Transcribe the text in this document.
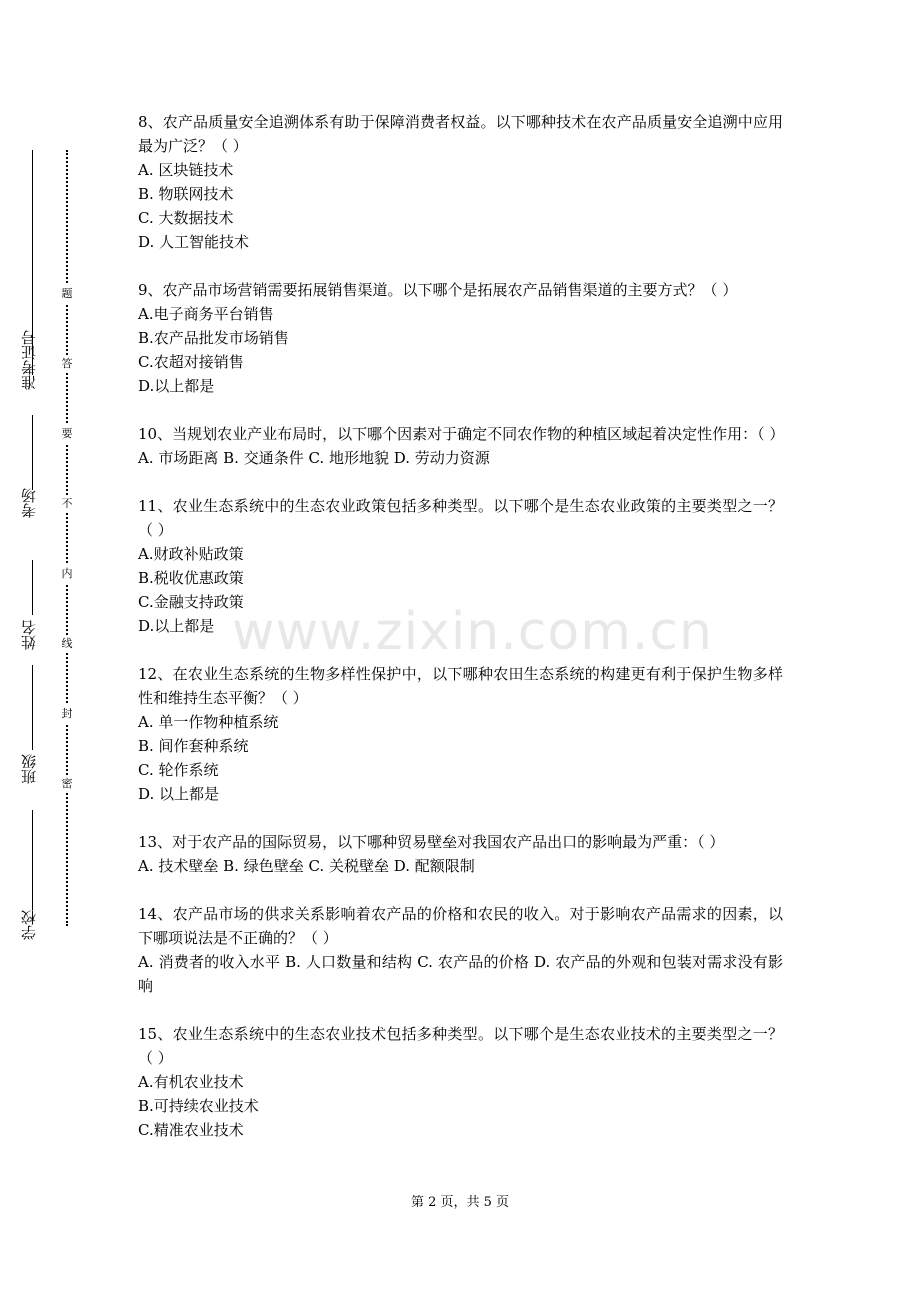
准考证号
考场
姓名
班级
学校
题
答
要
不
内
线
封
密

8、农产品质量安全追溯体系有助于保障消费者权益。以下哪种技术在农产品质量安全追溯中应用最为广泛？（ ）

A. 区块链技术

B. 物联网技术

C. 大数据技术

D. 人工智能技术

9、农产品市场营销需要拓展销售渠道。以下哪个是拓展农产品销售渠道的主要方式？（ ）

A.电子商务平台销售

B.农产品批发市场销售

C.农超对接销售

D.以上都是

10、当规划农业产业布局时，以下哪个因素对于确定不同农作物的种植区域起着决定性作用：（ ）

A. 市场距离 B. 交通条件 C. 地形地貌 D. 劳动力资源

11、农业生态系统中的生态农业政策包括多种类型。以下哪个是生态农业政策的主要类型之一？（ ）

A.财政补贴政策

B.税收优惠政策

C.金融支持政策

D.以上都是

12、在农业生态系统的生物多样性保护中，以下哪种农田生态系统的构建更有利于保护生物多样性和维持生态平衡？（ ）

A. 单一作物种植系统

B. 间作套种系统

C. 轮作系统

D. 以上都是

13、对于农产品的国际贸易，以下哪种贸易壁垒对我国农产品出口的影响最为严重：（ ）

A. 技术壁垒 B. 绿色壁垒 C. 关税壁垒 D. 配额限制

14、农产品市场的供求关系影响着农产品的价格和农民的收入。对于影响农产品需求的因素，以下哪项说法是不正确的？（ ）

A. 消费者的收入水平 B. 人口数量和结构 C. 农产品的价格 D. 农产品的外观和包装对需求没有影响

15、农业生态系统中的生态农业技术包括多种类型。以下哪个是生态农业技术的主要类型之一？（ ）

A.有机农业技术

B.可持续农业技术

C.精准农业技术

www.zixin.com.cn
第 2 页，共 5 页
